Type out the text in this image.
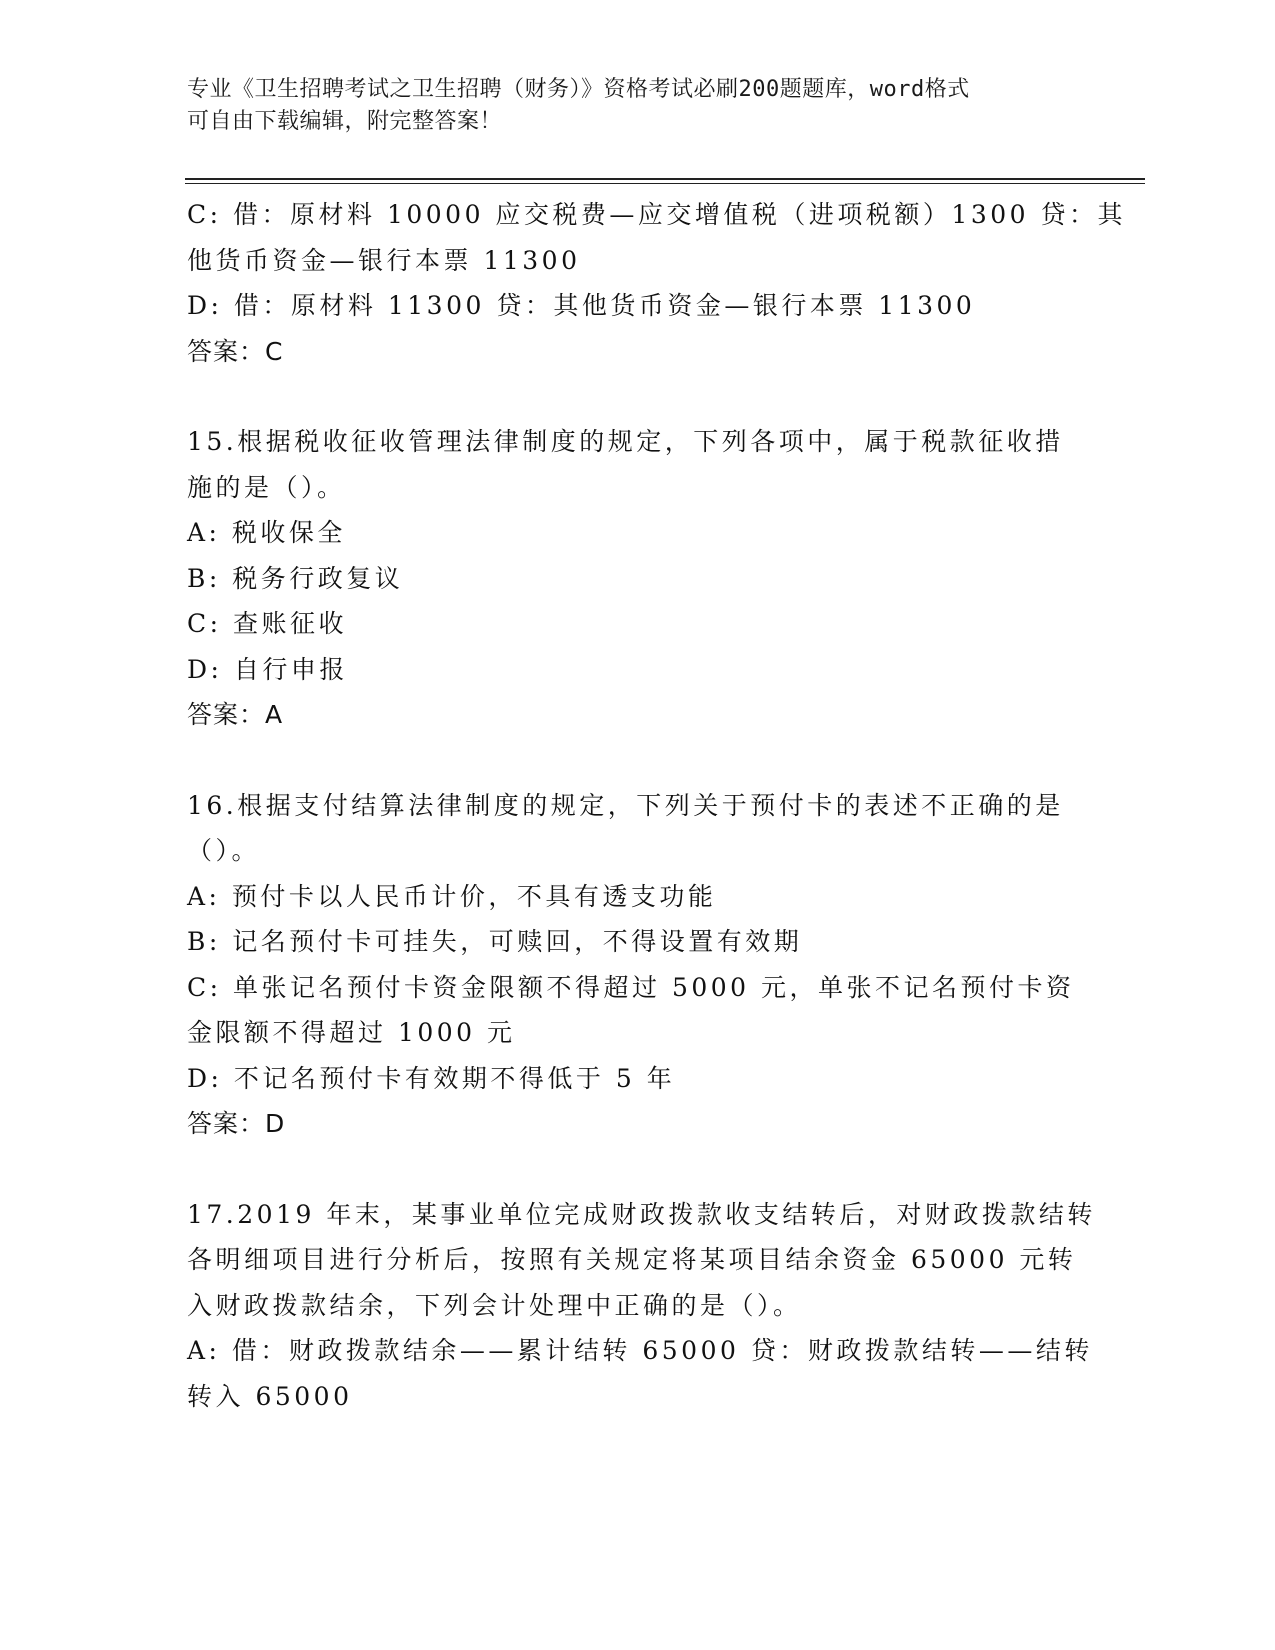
专业《卫生招聘考试之卫生招聘（财务）》资格考试必刷200题题库，word格式
可自由下载编辑，附完整答案！
C: 借：原材料 10000 应交税费—应交增值税（进项税额）1300 贷：其
他货币资金—银行本票 11300
D: 借：原材料 11300 贷：其他货币资金—银行本票 11300
答案：C
15.根据税收征收管理法律制度的规定，下列各项中，属于税款征收措
施的是（）。
A: 税收保全
B: 税务行政复议
C: 查账征收
D: 自行申报
答案：A
16.根据支付结算法律制度的规定，下列关于预付卡的表述不正确的是
（）。
A: 预付卡以人民币计价，不具有透支功能
B: 记名预付卡可挂失，可赎回，不得设置有效期
C: 单张记名预付卡资金限额不得超过 5000 元，单张不记名预付卡资
金限额不得超过 1000 元
D: 不记名预付卡有效期不得低于 5 年
答案：D
17.2019 年末，某事业单位完成财政拨款收支结转后，对财政拨款结转
各明细项目进行分析后，按照有关规定将某项目结余资金 65000 元转
入财政拨款结余，下列会计处理中正确的是（）。
A: 借：财政拨款结余——累计结转 65000 贷：财政拨款结转——结转
转入 65000
